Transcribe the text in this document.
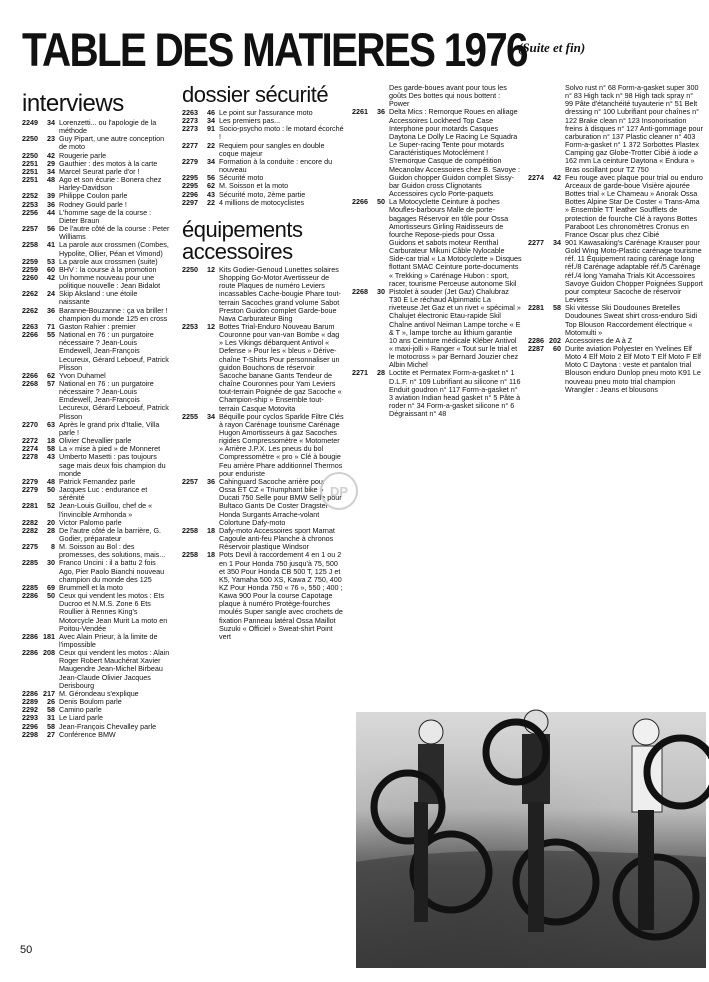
TABLE DES MATIERES 1976
(Suite et fin)
interviews
2249	34 Lorenzetti... ou l'apologie de la méthode
2250	23 Guy Pipart, une autre conception de moto
2250	42 Rougerie parle
2251	29 Gauthier : des motos à la carte
2251	34 Marcel Seurat parle d'or !
2251	48 Ago et son écurie : Bonera chez Harley-Davidson
2252	39 Philippe Coulon parle
2253	36 Rodney Gould parle !
2256	44 L'homme sage de la course : Dieter Braun
2257	56 De l'autre côté de la course : Peter Williams
2258	41 La parole aux crossmen (Combes, Hypolite, Ollier, Péan et Vimond)
2259	53 La parole aux crossmen (suite)
2259	60 BHV : la course à la promotion
2260	42 Un homme nouveau pour une politique nouvelle : Jean Bidalot
2262	24 Skip Aksland : une étoile naissante
2262	36 Baranne-Bouzanne : ça va briller ! champion du monde 125 en cross
2263	71 Gaston Rahier : premier
2266	55 National en 76 : un purgatoire nécessaire ? Jean-Louis Emdewell, Jean-François Lecureux, Gérard Leboeuf, Patrick Plisson
2266	62 Yvon Duhamel
2268	57 National en 76 : un purgatoire nécessaire ? Jean-Louis Emdewell, Jean-François Lecureux, Gérard Leboeuf, Patrick Plisson
2270	63 Après le grand prix d'Italie, Villa parle !
2272	18 Olivier Chevallier parle
2274	58 La « mise à pied » de Monneret
2278	43 Umberto Masetti : pas toujours sage mais deux fois champion du monde
2279	48 Patrick Fernandez parle
2279	50 Jacques Luc : endurance et sérénité
2281	52 Jean-Louis Guillou, chef de « l'invincible Armhonda »
2282	20 Victor Palomo parle
2282	28 De l'autre côté de la barrière, G. Godier, préparateur
2275	8 M. Soisson au Bol : des promesses, des solutions, mais...
2285	30 Franco Uncini : il a battu 2 fois Ago, Pier Paolo Bianchi nouveau champion du monde des 125
2285	69 Brummell et la moto
2286	50 Ceux qui vendent les motos : Ets Ducroo et N.M.S. Zone 6 Ets Roullier à Rennes King's Motorcycle Jean Murit La moto en Poitou-Vendée
2286 181 Avec Alain Prieur, à la limite de l'impossible
2286 208 Ceux qui vendent les motos : Alain Roger Robert Mauchérat Xavier Maugendre Jean-Michel Birbeau Jean-Claude Olivier Jacques Derisbourg
2286 217 M. Gérondeau s'explique
2289	26 Denis Boulom parle
2292	58 Camino parle
2293	31 Le Liard parle
2296	58 Jean-François Chevalley parle
2298	27 Conférence BMW
dossier sécurité
2263	46 Le point sur l'assurance moto
2273	34 Les premiers pas...
2273	91 Socio-psycho moto : le motard écorché !
2277	22 Requiem pour sangles en double coque majeur
2279	34 Formation à la conduite : encore du nouveau
2295	56 Sécurité moto
2295	62 M. Soisson et la moto
2296	43 Sécurité moto, 2ème partie
2297	22 4 millions de motocyclistes
équipements accessoires
2250	12 Kits Godier-Genoud Lunettes solaires Shopping Go-Motor Avertisseur de route Plaques de numéro Leviers incassables Cache-bougie Phare tout-terrain Sacoches grand volume Sabot Preston Guidon complet Garde-boue Nava Carburateur Bing
2253	12 Bottes Trial-Enduro Nouveau Barum Couronne pour van-van Bombe « dag » Les Vikings débarquent Antivol « Defense » Pour les « bleus » Dérive-chaîne T-Shirts Pour personnaliser un guidon Bouchons de réservoir Sacoche banane Gants Tendeur de chaîne Couronnes pour Yam Leviers tout-terrain Poignée de gaz Sacoche « Champion-ship » Ensemble tout-terrain Casque Motovita
2255	34 Béquille pour cyclos Sparkle Filtre Clés à rayon Carénage tourisme Carénage Hugon Amortisseurs à gaz Sacoches rigides Compressomètre « Motometer » Arrière J.P.X. Les pneus du bol Compressomètre « pro » Clé à bougie Feu arrière Phare additionnel Thermos pour enduriste
2257	36 Cahinguard Sacoche arrière pour Ossa ET CZ « Triumphant bike » Ducati 750 Selle pour BMW Selle pour Bultaco Gants De Coster Dragster Honda Surgants Arrache-volant Colortune Dafy-moto
2258	18 Dafy-moto Accessoires sport Marnat Cagoule anti-feu Planche à chronos Réservoir plastique Windsor
2258	18 Pots Devil à raccordement 4 en 1 ou 2 en 1 Pour Honda 750 jusqu'à 75, 500 et 350 Pour Honda CB 500 T, 125 J et K5, Yamaha 500 XS, Kawa Z 750, 400 KZ Pour Honda 750 « 76 », 550 ; 400 ; Kawa 900 Pour la course Capotage plaque à numéro Protège-fourches moulés Super sangle avec crochets de fixation Panneau latéral Ossa Maillot Suzuki « Officiel » Sweat-shirt Point vert
Des garde-boues avant pour tous les goûts Des bottes qui nous bottent : Power
2261	36 Delta Mics : Remorque Roues en alliage Accessoires Lockheed Top Case Interphone pour motards Casques Daytona Le Dolly Le Racing Le Squadra Le Super-racing Tente pour motards Caractéristiques Motoclément ! S'remorque Casque de compétition Mecanolav Accessoires chez B. Savoye : Guidon chopper Guidon complet Sissy-bar Guidon cross Clignotants Accessoires cyclo Porte-paquets
2266	50 La Motocyclette Ceinture à poches Moufles-barbours Malle de porte-bagages Réservoir en tôle pour Ossa Amortisseurs Girling Raidisseurs de fourche Repose-pieds pour Ossa Guidons et sabots moteur Renthal Carburateur Mikuni Câble Nylocable Side-car trial « La Motocyclette » Disques flottant SMAC Ceinture porte-documents « Trekking » Carénage Hubon : sport, racer, tourisme Perceuse autonome Skil
2268	30 Pistolet à souder (Jet Gaz) Chalubraz T30 E Le réchaud Alpinmatic La riveteuse Jet Gaz et un rivet « spécimal » Chalujet électronic Etau-rapide Skil Chaîne antivol Neiman Lampe torche « E & T », lampe torche au lithium garantie 10 ans Ceinture médicale Kléber Antivol « maxi-jolli » Ranger « Tout sur le trial et le motocross » par Bernard Jouzier chez Albin Michel
2271	28 Loctite et Permatex Form-a-gasket n° 1 D.L.F. n° 109 Lubrifiant au silicone n° 116 Enduit goudron n° 117 Form-a-gasket n° 3 aviation Indian head gasket n° 5 Pâte à roder n° 34 Form-a-gasket silicone n° 6 Dégraissant n° 48
Solvo rust n° 68 Form-a-gasket super 300 n° 83 High tack n° 98 High tack spray n° 99 Pâte d'étanchéité tuyauterie n° 51 Belt dressing n° 100 Lubrifiant pour chaînes n° 122 Brake clean n° 123 Insonorisation freins à disques n° 127 Anti-gommage pour carburation n° 137 Plastic cleaner n° 403 Form-a-gasket n° 1 372 Sorbottes Plastex Camping gaz Globe-Trotter Cibié à iode ⌀ 162 mm La ceinture Daytona « Endura » Bras oscillant pour TZ 750
2274	42 Feu rouge avec plaque pour trial ou enduro Arceaux de garde-boue Visière ajourée Bottes trial « Le Chameau » Anorak Ossa Bottes Alpine Star De Coster « Trans-Ama » Ensemble TT leather Soufflets de protection de fourche Clé à rayons Bottes Paraboot Les chronomètres Cronus en France Oscar plus chez Cibié
2277	34 901 Kawasaking's Carénage Krauser pour Gold Wing Moto-Plastic carénage tourisme réf. 11 Équipement racing carénage long réf./8 Carénage adaptable réf./5 Carénage réf./4 long Yamaha Trials Kit Accessoires Savoye Guidon Chopper Poignées Support pour compteur Sacoche de réservoir Leviers
2281	58 Ski vitesse Ski Doudounes Bretelles Doudounes Sweat shirt cross-enduro Sidi Top Blouson Raccordement électrique « Motomulti »
2286 202 Accessoires de A à Z
2287	60 Durite aviation Polyester en Yvelines Elf Moto 4 Elf Moto 2 Elf Moto T Elf Moto F Elf Moto C Daytona : veste et pantalon trial Blouson enduro Dunlop pneu moto K91 Le nouveau pneu moto trial champion Wrangler : Jeans et blousons
DP
50
